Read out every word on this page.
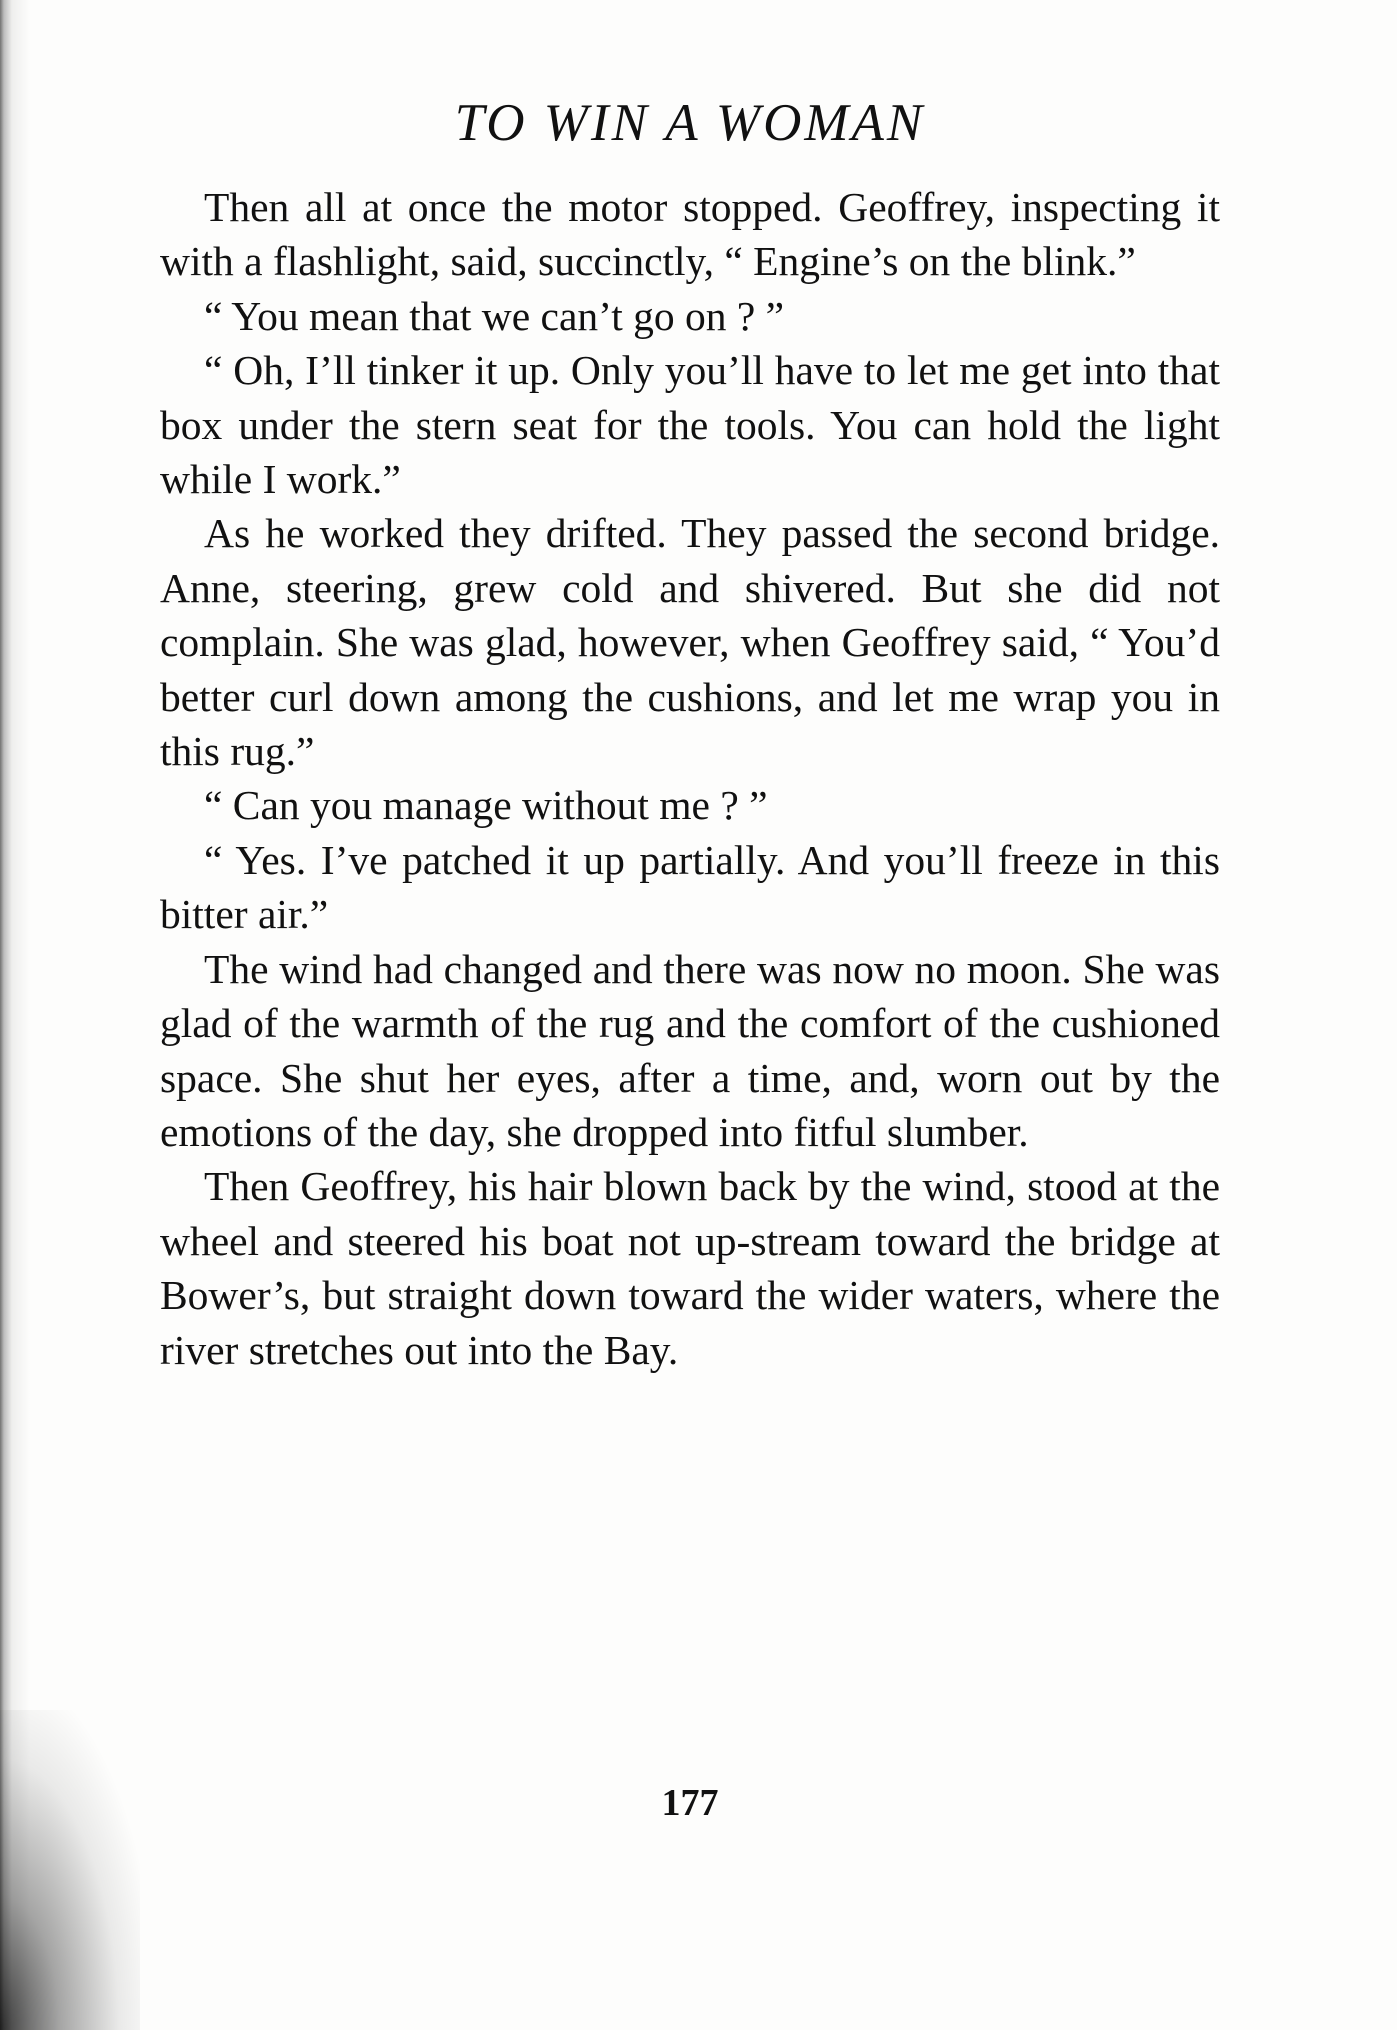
TO WIN A WOMAN

Then all at once the motor stopped. Geoffrey, inspecting it with a flashlight, said, succinctly, “ Engine’s on the blink.”

“ You mean that we can’t go on ? ”

“ Oh, I’ll tinker it up. Only you’ll have to let me get into that box under the stern seat for the tools. You can hold the light while I work.”

As he worked they drifted. They passed the second bridge. Anne, steering, grew cold and shivered. But she did not complain. She was glad, however, when Geoffrey said, “ You’d better curl down among the cushions, and let me wrap you in this rug.”

“ Can you manage without me ? ”

“ Yes. I’ve patched it up partially. And you’ll freeze in this bitter air.”

The wind had changed and there was now no moon. She was glad of the warmth of the rug and the comfort of the cushioned space. She shut her eyes, after a time, and, worn out by the emotions of the day, she dropped into fitful slumber.

Then Geoffrey, his hair blown back by the wind, stood at the wheel and steered his boat not up-stream toward the bridge at Bower’s, but straight down toward the wider waters, where the river stretches out into the Bay.

177
